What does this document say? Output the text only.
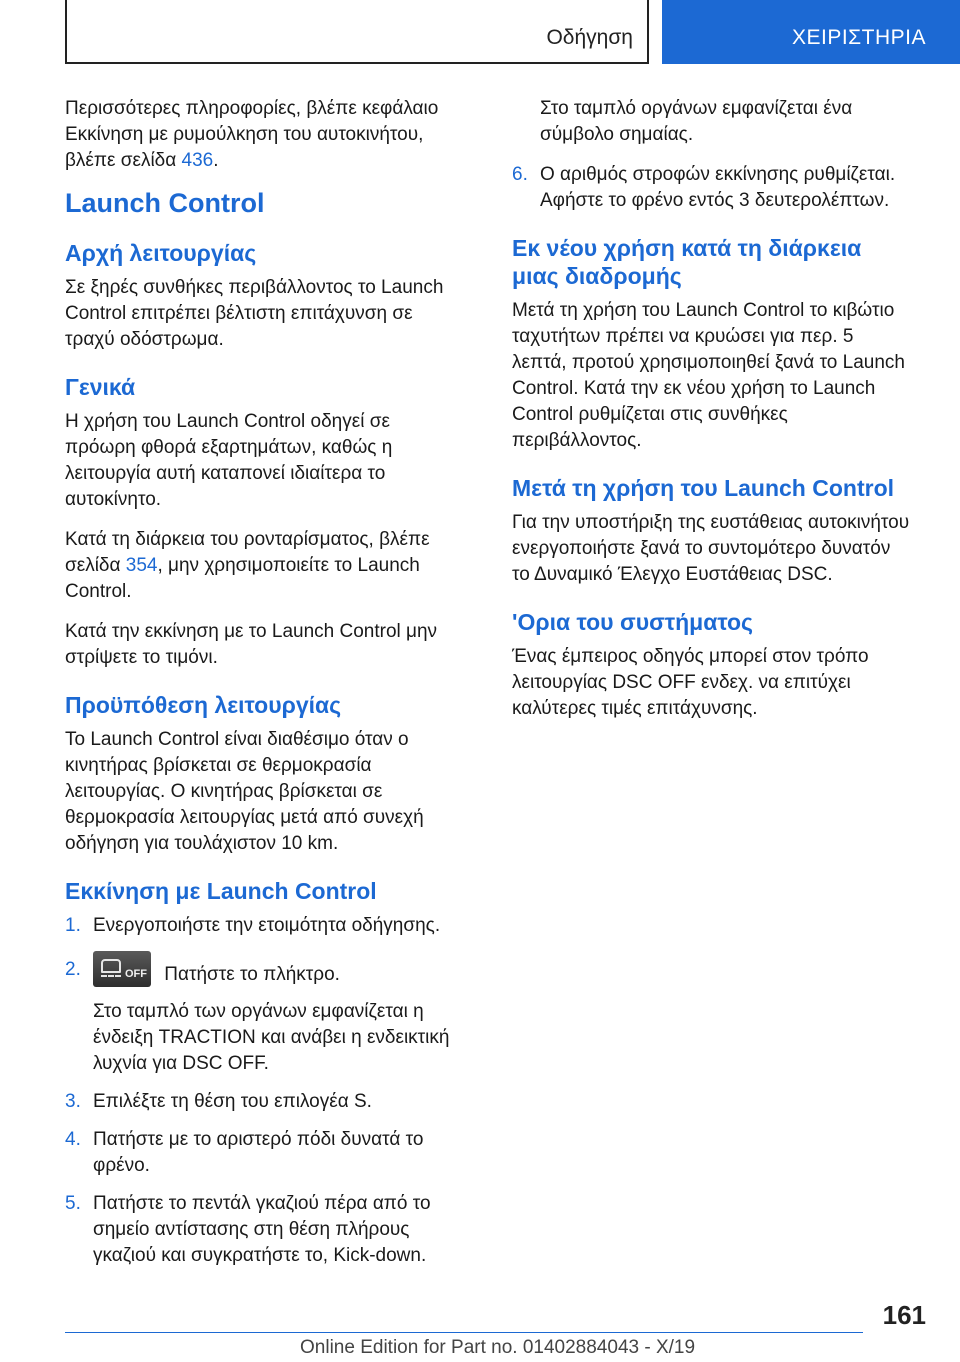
Οδήγηση	ΧΕΙΡΙΣΤΗΡΙΑ

Περισσότερες πληροφορίες, βλέπε κεφάλαιο Εκκίνηση με ρυμούλκηση του αυτοκινήτου, βλέπε σελίδα 436.

Launch Control
Αρχή λειτουργίας

Σε ξηρές συνθήκες περιβάλλοντος το Launch Control επιτρέπει βέλτιστη επιτάχυνση σε τραχύ οδόστρωμα.

Γενικά

Η χρήση του Launch Control οδηγεί σε πρόωρη φθορά εξαρτημάτων, καθώς η λειτουργία αυτή καταπονεί ιδιαίτερα το αυτοκίνητο.

Κατά τη διάρκεια του ρονταρίσματος, βλέπε σελίδα 354, μην χρησιμοποιείτε το Launch Control.

Κατά την εκκίνηση με το Launch Control μην στρίψετε το τιμόνι.

Προϋπόθεση λειτουργίας

Το Launch Control είναι διαθέσιμο όταν ο κινητήρας βρίσκεται σε θερμοκρασία λειτουργίας. Ο κινητήρας βρίσκεται σε θερμοκρασία λειτουργίας μετά από συνεχή οδήγηση για τουλάχιστον 10 km.

Εκκίνηση με Launch Control
1. Ενεργοποιήστε την ετοιμότητα οδήγησης.
2.	OFF Πατήστε το πλήκτρο.

Στο ταμπλό των οργάνων εμφανίζεται η ένδειξη TRACTION και ανάβει η ενδεικτική λυχνία για DSC OFF.

3. Επιλέξτε τη θέση του επιλογέα S.
4. Πατήστε με το αριστερό πόδι δυνατά το φρένο.
5. Πατήστε το πεντάλ γκαζιού πέρα από το σημείο αντίστασης στη θέση πλήρους γκαζιού και συγκρατήστε το, Kick-down.

Στο ταμπλό οργάνων εμφανίζεται ένα σύμβολο σημαίας.

6. Ο αριθμός στροφών εκκίνησης ρυθμίζεται. Αφήστε το φρένο εντός 3 δευτερολέπτων.
Εκ νέου χρήση κατά τη διάρκεια μιας διαδρομής

Μετά τη χρήση του Launch Control το κιβώτιο ταχυτήτων πρέπει να κρυώσει για περ. 5 λεπτά, προτού χρησιμοποιηθεί ξανά το Launch Control. Κατά την εκ νέου χρήση το Launch Control ρυθμίζεται στις συνθήκες περιβάλλοντος.

Μετά τη χρήση του Launch Control

Για την υποστήριξη της ευστάθειας αυτοκινήτου ενεργοποιήστε ξανά το συντομότερο δυνατόν το Δυναμικό Έλεγχο Ευστάθειας DSC.

'Ορια του συστήματος

Ένας έμπειρος οδηγός μπορεί στον τρόπο λειτουργίας DSC OFF ενδεχ. να επιτύχει καλύτερες τιμές επιτάχυνσης.

161
Online Edition for Part no. 01402884043 - X/19
